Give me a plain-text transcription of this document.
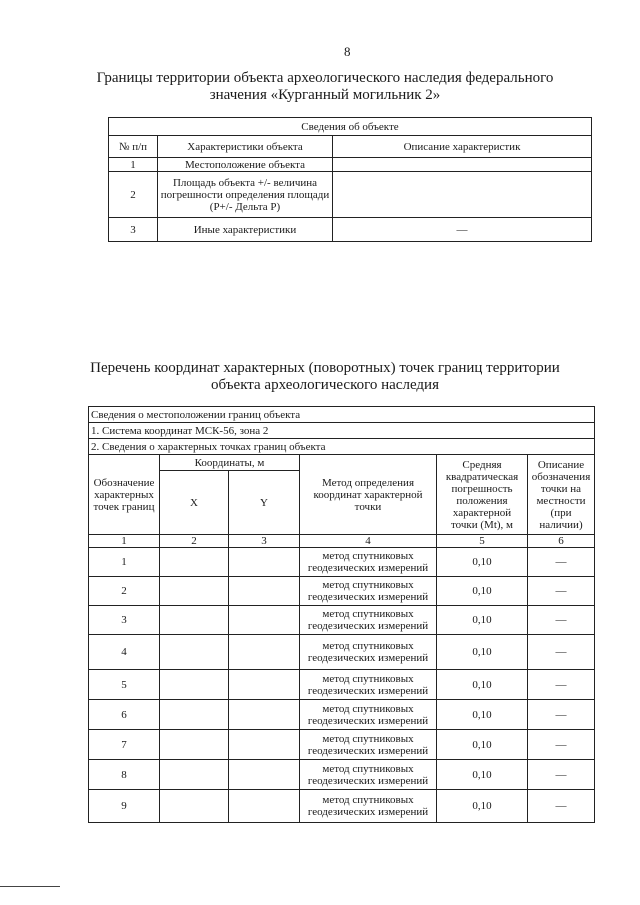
8
Границы территории объекта археологического наследия федерального значения «Курганный могильник 2»
Сведения об объекте		
№ п/п	Характеристики объекта	Описание характеристик
1	Местоположение объекта	
2	Площадь объекта +/- величина погрешности определения площади (P+/- Дельта P)	
3	Иные характеристики	—
Перечень координат характерных (поворотных) точек границ территории объекта археологического наследия
Сведения о местоположении границ объекта					
1. Система координат МСК-56, зона 2					
2. Сведения о характерных точках границ объекта					
Обозначение характерных точек границ	Координаты, м		Метод определения координат характерной точки	Средняя квадратическая погрешность положения характерной точки (Mt), м	Описание обозначения точки на местности (при наличии)
	X	Y			
1	2	3	4	5	6
1			метод спутниковых геодезических измерений	0,10	—
2			метод спутниковых геодезических измерений	0,10	—
3			метод спутниковых геодезических измерений	0,10	—
4			метод спутниковых геодезических измерений	0,10	—
5			метод спутниковых геодезических измерений	0,10	—
6			метод спутниковых геодезических измерений	0,10	—
7			метод спутниковых геодезических измерений	0,10	—
8			метод спутниковых геодезических измерений	0,10	—
9			метод спутниковых геодезических измерений	0,10	—
